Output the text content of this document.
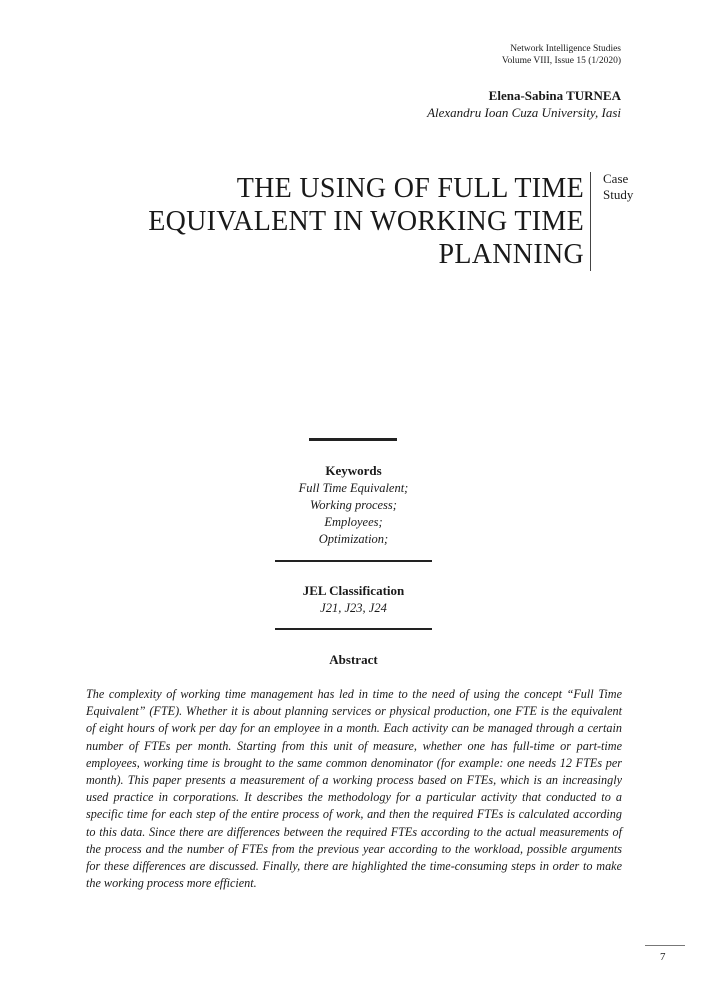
Network Intelligence Studies
Volume VIII, Issue 15 (1/2020)
Elena-Sabina TURNEA
Alexandru Ioan Cuza University, Iasi
THE USING OF FULL TIME
EQUIVALENT IN WORKING TIME
PLANNING
Case
Study
Keywords
Full Time Equivalent;
Working process;
Employees;
Optimization;
JEL Classification
J21, J23, J24
Abstract
The complexity of working time management has led in time to the need of using the concept “Full Time Equivalent” (FTE). Whether it is about planning services or physical production, one FTE is the equivalent of eight hours of work per day for an employee in a month. Each activity can be managed through a certain number of FTEs per month. Starting from this unit of measure, whether one has full-time or part-time employees, working time is brought to the same common denominator (for example: one needs 12 FTEs per month). This paper presents a measurement of a working process based on FTEs, which is an increasingly used practice in corporations. It describes the methodology for a particular activity that conducted to a specific time for each step of the entire process of work, and then the required FTEs is calculated according to this data. Since there are differences between the required FTEs according to the actual measurements of the process and the number of FTEs from the previous year according to the workload, possible arguments for these differences are discussed. Finally, there are highlighted the time-consuming steps in order to make the working process more efficient.
7
